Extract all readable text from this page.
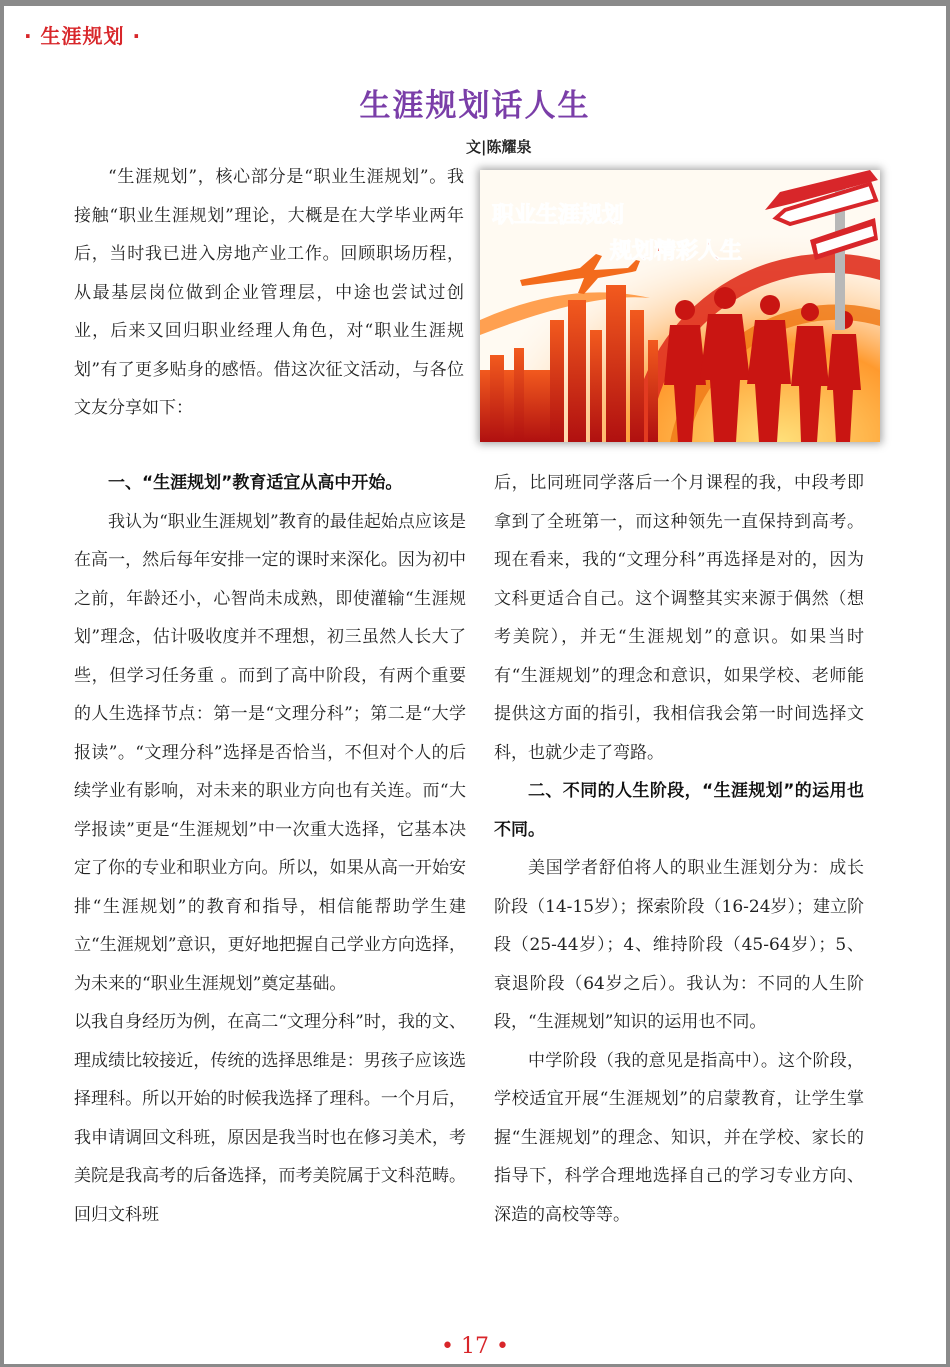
· 生涯规划 ·
生涯规划话人生
文|陈耀泉

“生涯规划”，核心部分是“职业生涯规划”。我接触“职业生涯规划”理论，大概是在大学毕业两年后，当时我已进入房地产业工作。回顾职场历程，从最基层岗位做到企业管理层，中途也尝试过创业，后来又回归职业经理人角色，对“职业生涯规划”有了更多贴身的感悟。借这次征文活动，与各位文友分享如下：

职业生涯规划
规划精彩人生
一、“生涯规划”教育适宜从高中开始。

我认为“职业生涯规划”教育的最佳起始点应该是在高一，然后每年安排一定的课时来深化。因为初中之前，年龄还小，心智尚未成熟，即使灌输“生涯规划”理念，估计吸收度并不理想，初三虽然人长大了些，但学习任务重 。而到了高中阶段，有两个重要的人生选择节点：第一是“文理分科”；第二是“大学报读”。“文理分科”选择是否恰当，不但对个人的后续学业有影响，对未来的职业方向也有关连。而“大学报读”更是“生涯规划”中一次重大选择，它基本决定了你的专业和职业方向。所以，如果从高一开始安排“生涯规划”的教育和指导，相信能帮助学生建立“生涯规划”意识，更好地把握自己学业方向选择，为未来的“职业生涯规划”奠定基础。

以我自身经历为例，在高二“文理分科”时，我的文、理成绩比较接近，传统的选择思维是：男孩子应该选择理科。所以开始的时候我选择了理科。一个月后，我申请调回文科班，原因是我当时也在修习美术，考美院是我高考的后备选择，而考美院属于文科范畴。回归文科班

后，比同班同学落后一个月课程的我，中段考即拿到了全班第一，而这种领先一直保持到高考。现在看来，我的“文理分科”再选择是对的，因为文科更适合自己。这个调整其实来源于偶然（想考美院），并无“生涯规划”的意识。如果当时有“生涯规划”的理念和意识，如果学校、老师能提供这方面的指引，我相信我会第一时间选择文科，也就少走了弯路。

二、不同的人生阶段，“生涯规划”的运用也不同。

美国学者舒伯将人的职业生涯划分为：成长阶段（14-15岁）；探索阶段（16-24岁）；建立阶段（25-44岁）；4、维持阶段（45-64岁）；5、衰退阶段（64岁之后）。我认为：不同的人生阶段，“生涯规划”知识的运用也不同。

中学阶段（我的意见是指高中）。这个阶段，学校适宜开展“生涯规划”的启蒙教育，让学生掌握“生涯规划”的理念、知识，并在学校、家长的指导下，科学合理地选择自己的学习专业方向、深造的高校等等。

• 17 •
